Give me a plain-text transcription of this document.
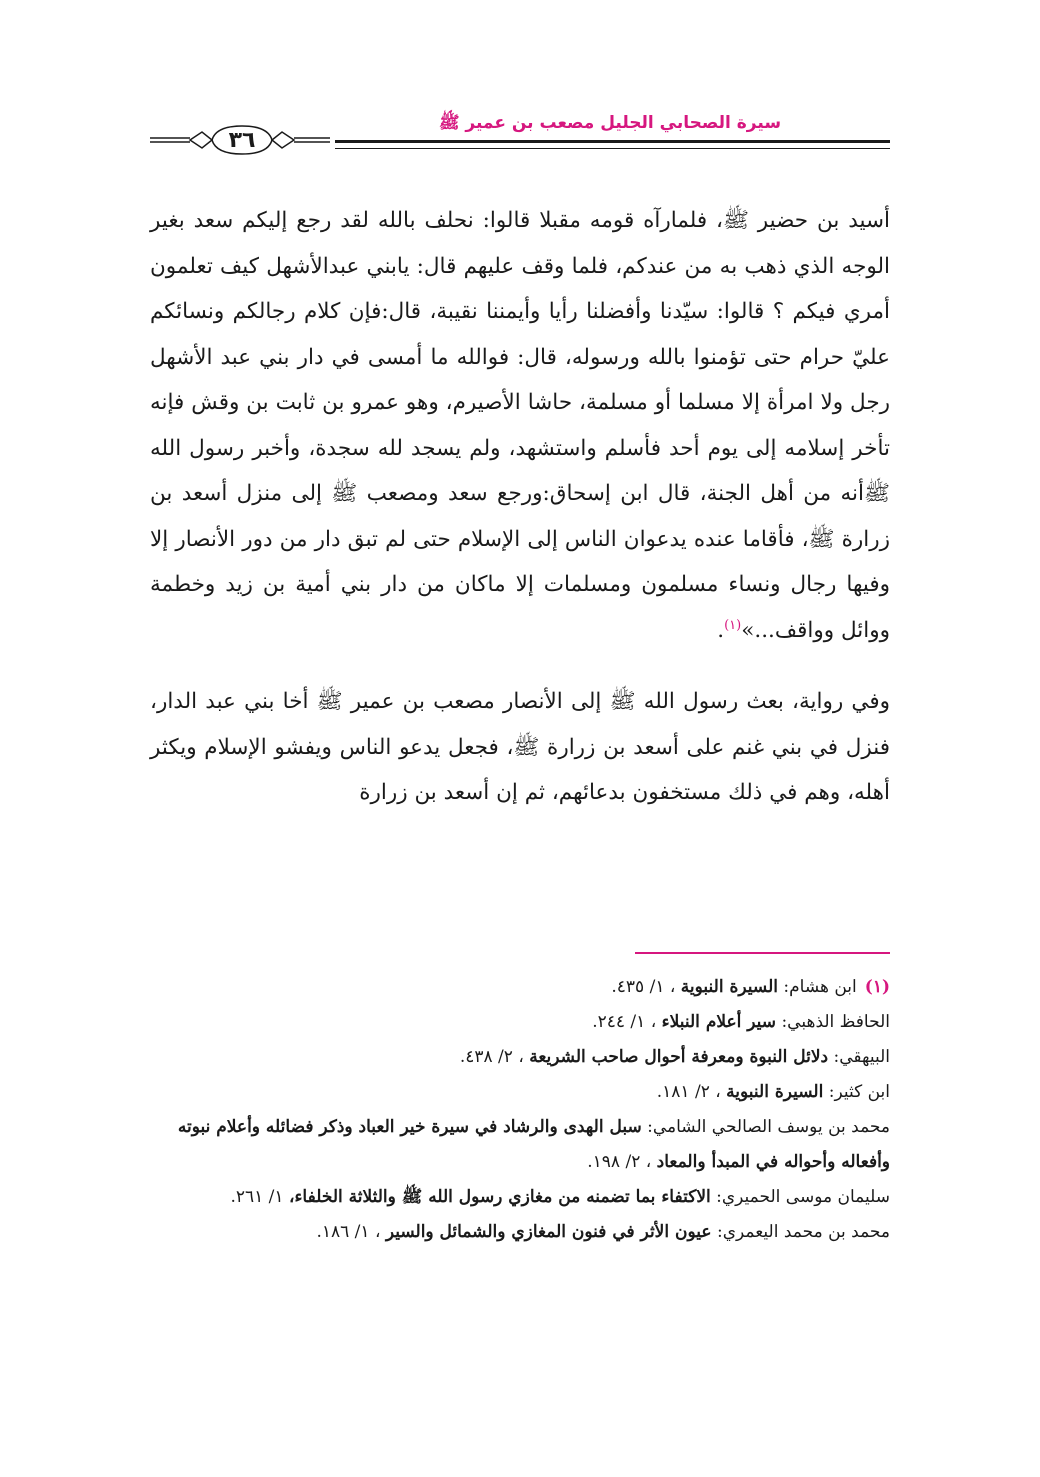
سيرة الصحابي الجليل مصعب بن عمير ﷺ
٣٦

أسيد بن حضير ﷺ، فلمارآه قومه مقبلا قالوا: نحلف بالله لقد رجع إليكم سعد بغير الوجه الذي ذهب به من عندكم، فلما وقف عليهم قال: يابني عبدالأشهل كيف تعلمون أمري فيكم ؟ قالوا: سيّدنا وأفضلنا رأيا وأيمننا نقيبة، قال:فإن كلام رجالكم ونسائكم عليّ حرام حتى تؤمنوا بالله ورسوله، قال: فوالله ما أمسى في دار بني عبد الأشهل رجل ولا امرأة إلا مسلما أو مسلمة، حاشا الأصيرم، وهو عمرو بن ثابت بن وقش فإنه تأخر إسلامه إلى يوم أحد فأسلم واستشهد، ولم يسجد لله سجدة، وأخبر رسول الله ﷺأنه من أهل الجنة، قال ابن إسحاق:ورجع سعد ومصعب ﷺ إلى منزل أسعد بن زرارة ﷺ، فأقاما عنده يدعوان الناس إلى الإسلام حتى لم تبق دار من دور الأنصار إلا وفيها رجال ونساء مسلمون ومسلمات إلا ماكان من دار بني أمية بن زيد وخطمة ووائل وواقف...»$^{(١)}$.

وفي رواية، بعث رسول الله ﷺ إلى الأنصار مصعب بن عمير ﷺ أخا بني عبد الدار، فنزل في بني غنم على أسعد بن زرارة ﷺ، فجعل يدعو الناس ويفشو الإسلام ويكثر أهله، وهم في ذلك مستخفون بدعائهم، ثم إن أسعد بن زرارة

(١)ابن هشام: السيرة النبوية ، ١/ ٤٣٥.

الحافظ الذهبي: سير أعلام النبلاء ، ١/ ٢٤٤.

البيهقي: دلائل النبوة ومعرفة أحوال صاحب الشريعة ، ٢/ ٤٣٨.

ابن كثير: السيرة النبوية ، ٢/ ١٨١.

محمد بن يوسف الصالحي الشامي: سبل الهدى والرشاد في سيرة خير العباد وذكر فضائله وأعلام نبوته وأفعاله وأحواله في المبدأ والمعاد ، ٢/ ١٩٨.

سليمان موسى الحميري: الاكتفاء بما تضمنه من مغازي رسول الله ﷺ والثلاثة الخلفاء، ١/ ٢٦١.

محمد بن محمد اليعمري: عيون الأثر في فنون المغازي والشمائل والسير ، ١/ ١٨٦.
